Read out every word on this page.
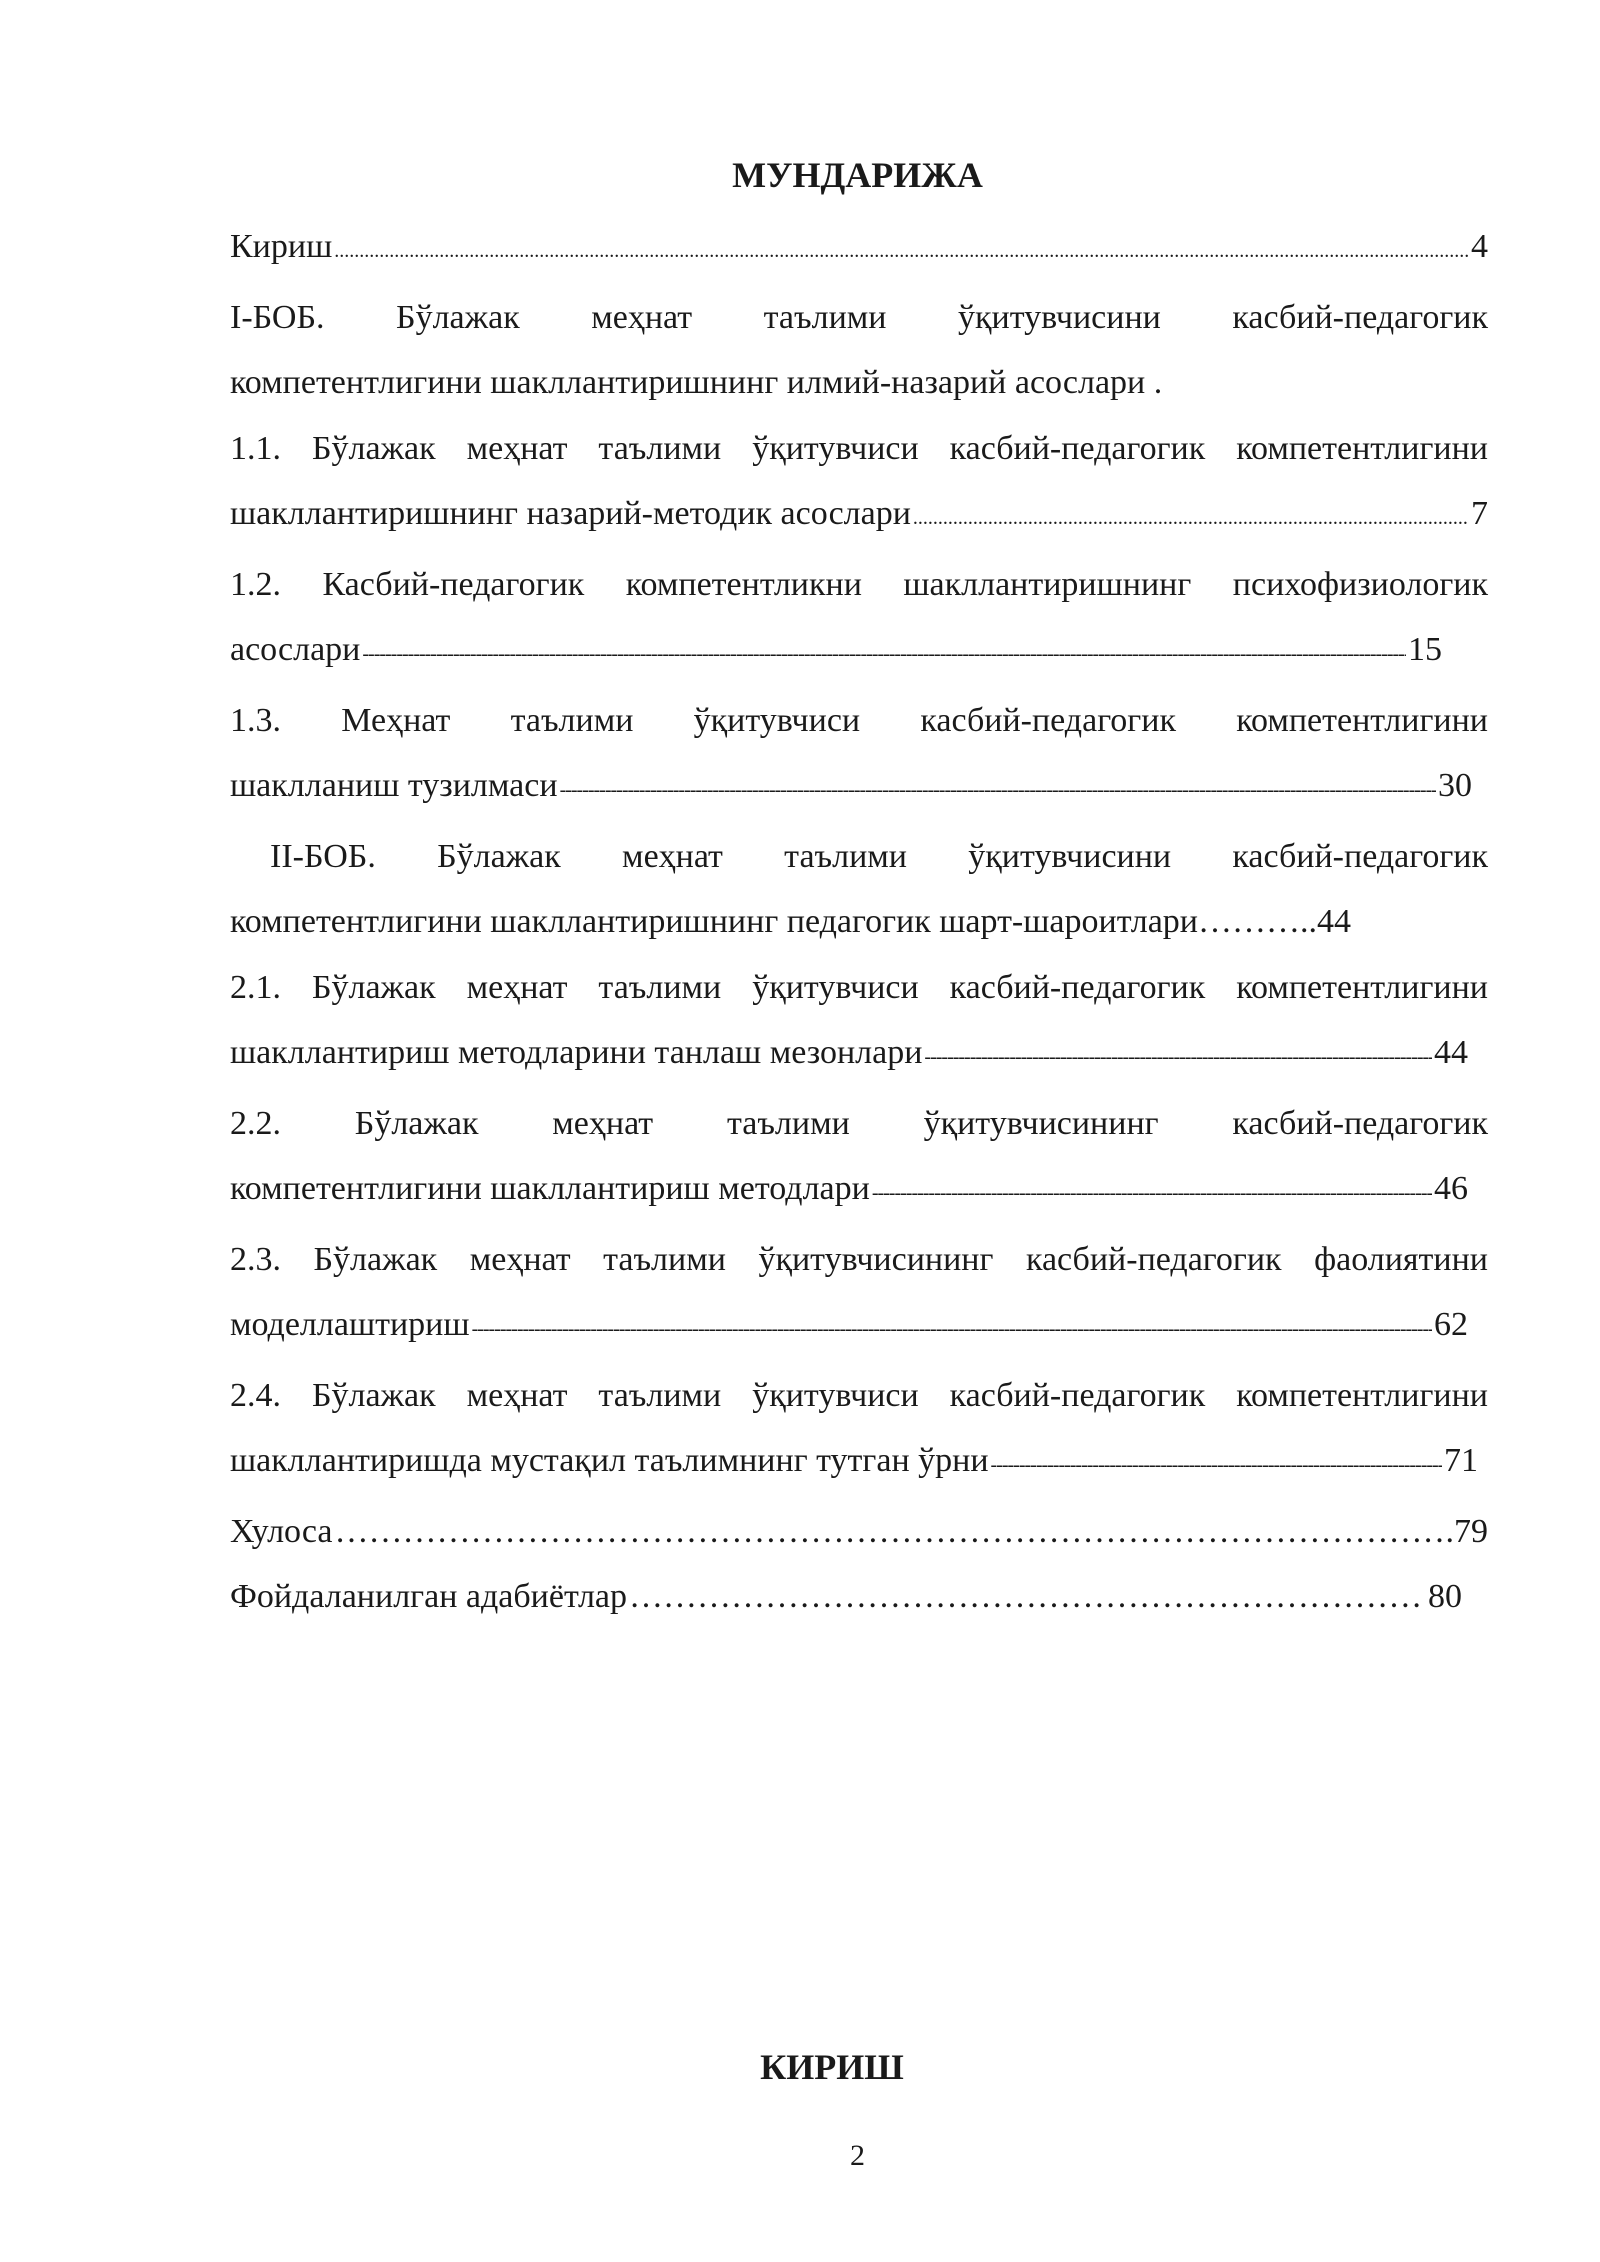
МУНДАРИЖА
Кириш .....	4
I-БОБ. Бўлажак меҳнат таълими ўқитувчисини касбий-педагогик
компетентлигини шакллантиришнинг илмий-назарий асослари .
1.1. Бўлажак меҳнат таълими ўқитувчиси касбий-педагогик компетентлигини
шакллантиришнинг назарий-методик асослари .....	7
1.2. Касбий-педагогик компетентликни шакллантиришнинг психофизиологик
асослари -----	15
1.3. Меҳнат таълими ўқитувчиси касбий-педагогик компетентлигини
шаклланиш тузилмаси -----	30
II-БОБ. Бўлажак меҳнат таълими ўқитувчисини касбий-педагогик
компетентлигини шакллантиришнинг педагогик шарт-шароитлари………..44
2.1. Бўлажак меҳнат таълими ўқитувчиси касбий-педагогик компетентлигини
шакллантириш методларини танлаш мезонлари -----	44
2.2. Бўлажак меҳнат таълими ўқитувчисининг касбий-педагогик
компетентлигини шакллантириш методлари -----	46
2.3. Бўлажак меҳнат таълими ўқитувчисининг касбий-педагогик фаолиятини
моделлаштириш -----	62
2.4. Бўлажак меҳнат таълими ўқитувчиси касбий-педагогик компетентлигини
шакллантиришда мустақил таълимнинг тутган ўрни -----	71
Хулоса ………………………………………………………………………………………………………………………………………………………………………………………………	.79
Фойдаланилган адабиётлар ………………………………………………………………………………………………………………………………………………………………………………………………	80
КИРИШ
2
